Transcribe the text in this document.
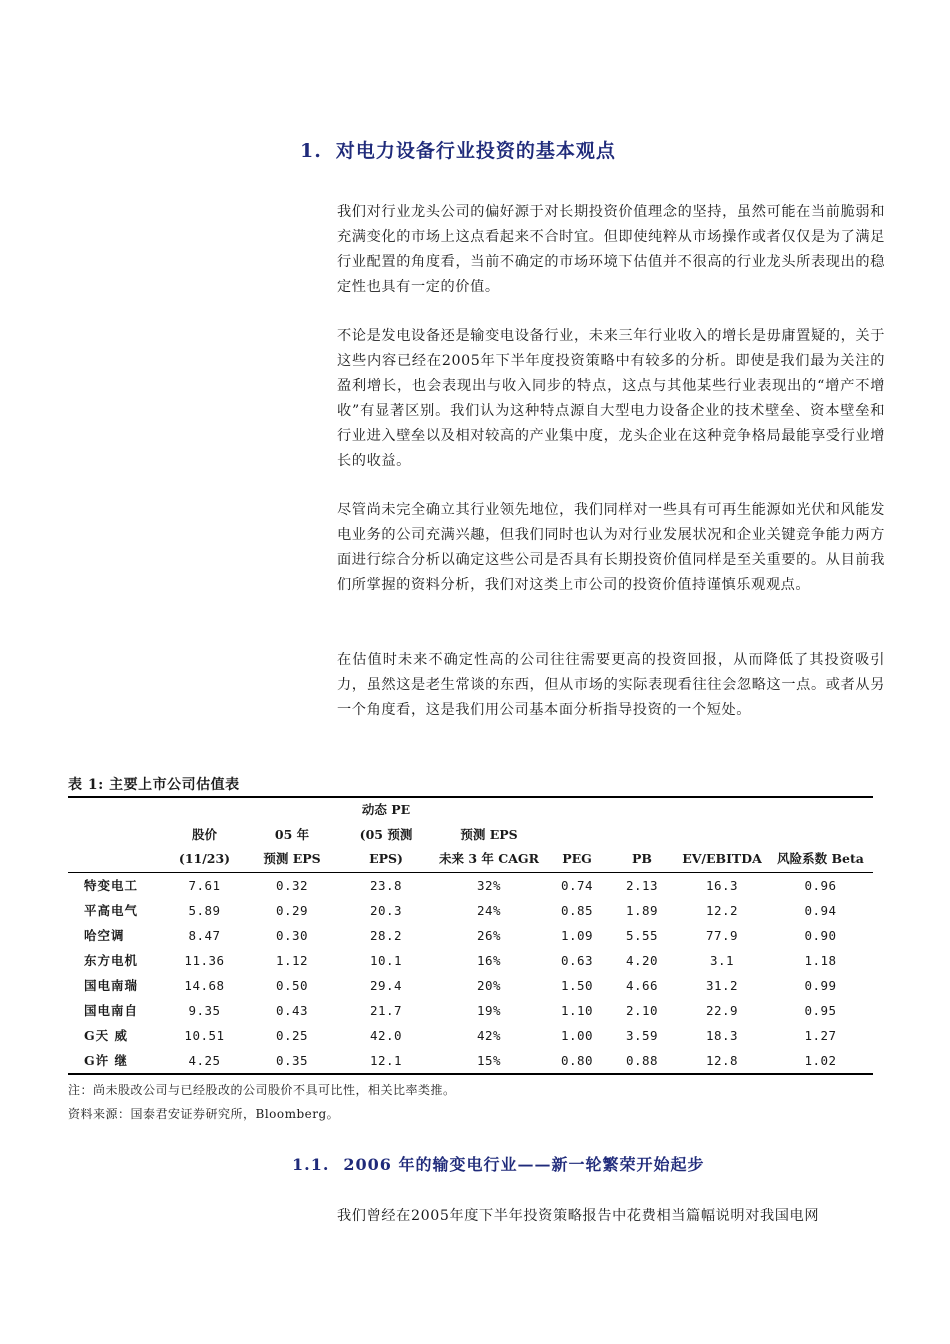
1. 对电力设备行业投资的基本观点
我们对行业龙头公司的偏好源于对长期投资价值理念的坚持，虽然可能在当前脆弱和充满变化的市场上这点看起来不合时宜。但即使纯粹从市场操作或者仅仅是为了满足行业配置的角度看，当前不确定的市场环境下估值并不很高的行业龙头所表现出的稳定性也具有一定的价值。
不论是发电设备还是输变电设备行业，未来三年行业收入的增长是毋庸置疑的，关于这些内容已经在2005年下半年度投资策略中有较多的分析。即使是我们最为关注的盈利增长，也会表现出与收入同步的特点，这点与其他某些行业表现出的“增产不增收”有显著区别。我们认为这种特点源自大型电力设备企业的技术壁垒、资本壁垒和行业进入壁垒以及相对较高的产业集中度，龙头企业在这种竞争格局最能享受行业增长的收益。
尽管尚未完全确立其行业领先地位，我们同样对一些具有可再生能源如光伏和风能发电业务的公司充满兴趣，但我们同时也认为对行业发展状况和企业关键竞争能力两方面进行综合分析以确定这些公司是否具有长期投资价值同样是至关重要的。从目前我们所掌握的资料分析，我们对这类上市公司的投资价值持谨慎乐观观点。
在估值时未来不确定性高的公司往往需要更高的投资回报，从而降低了其投资吸引力，虽然这是老生常谈的东西，但从市场的实际表现看往往会忽略这一点。或者从另一个角度看，这是我们用公司基本面分析指导投资的一个短处。
表 1: 主要上市公司估值表

			动态 PE					
	股价	05 年	(05 预测	预测 EPS				
	(11/23)	预测 EPS	EPS)	未来 3 年 CAGR	PEG	PB	EV/EBITDA	风险系数 Beta
特变电工	7.61	0.32	23.8	32%	0.74	2.13	16.3	0.96
平高电气	5.89	0.29	20.3	24%	0.85	1.89	12.2	0.94
哈空调	8.47	0.30	28.2	26%	1.09	5.55	77.9	0.90
东方电机	11.36	1.12	10.1	16%	0.63	4.20	3.1	1.18
国电南瑞	14.68	0.50	29.4	20%	1.50	4.66	31.2	0.99
国电南自	9.35	0.43	21.7	19%	1.10	2.10	22.9	0.95
G天 威	10.51	0.25	42.0	42%	1.00	3.59	18.3	1.27
G许 继	4.25	0.35	12.1	15%	0.80	0.88	12.8	1.02
注：尚未股改公司与已经股改的公司股价不具可比性，相关比率类推。
资料来源：国泰君安证券研究所，Bloomberg。
1.1. 2006 年的输变电行业——新一轮繁荣开始起步
我们曾经在2005年度下半年投资策略报告中花费相当篇幅说明对我国电网
